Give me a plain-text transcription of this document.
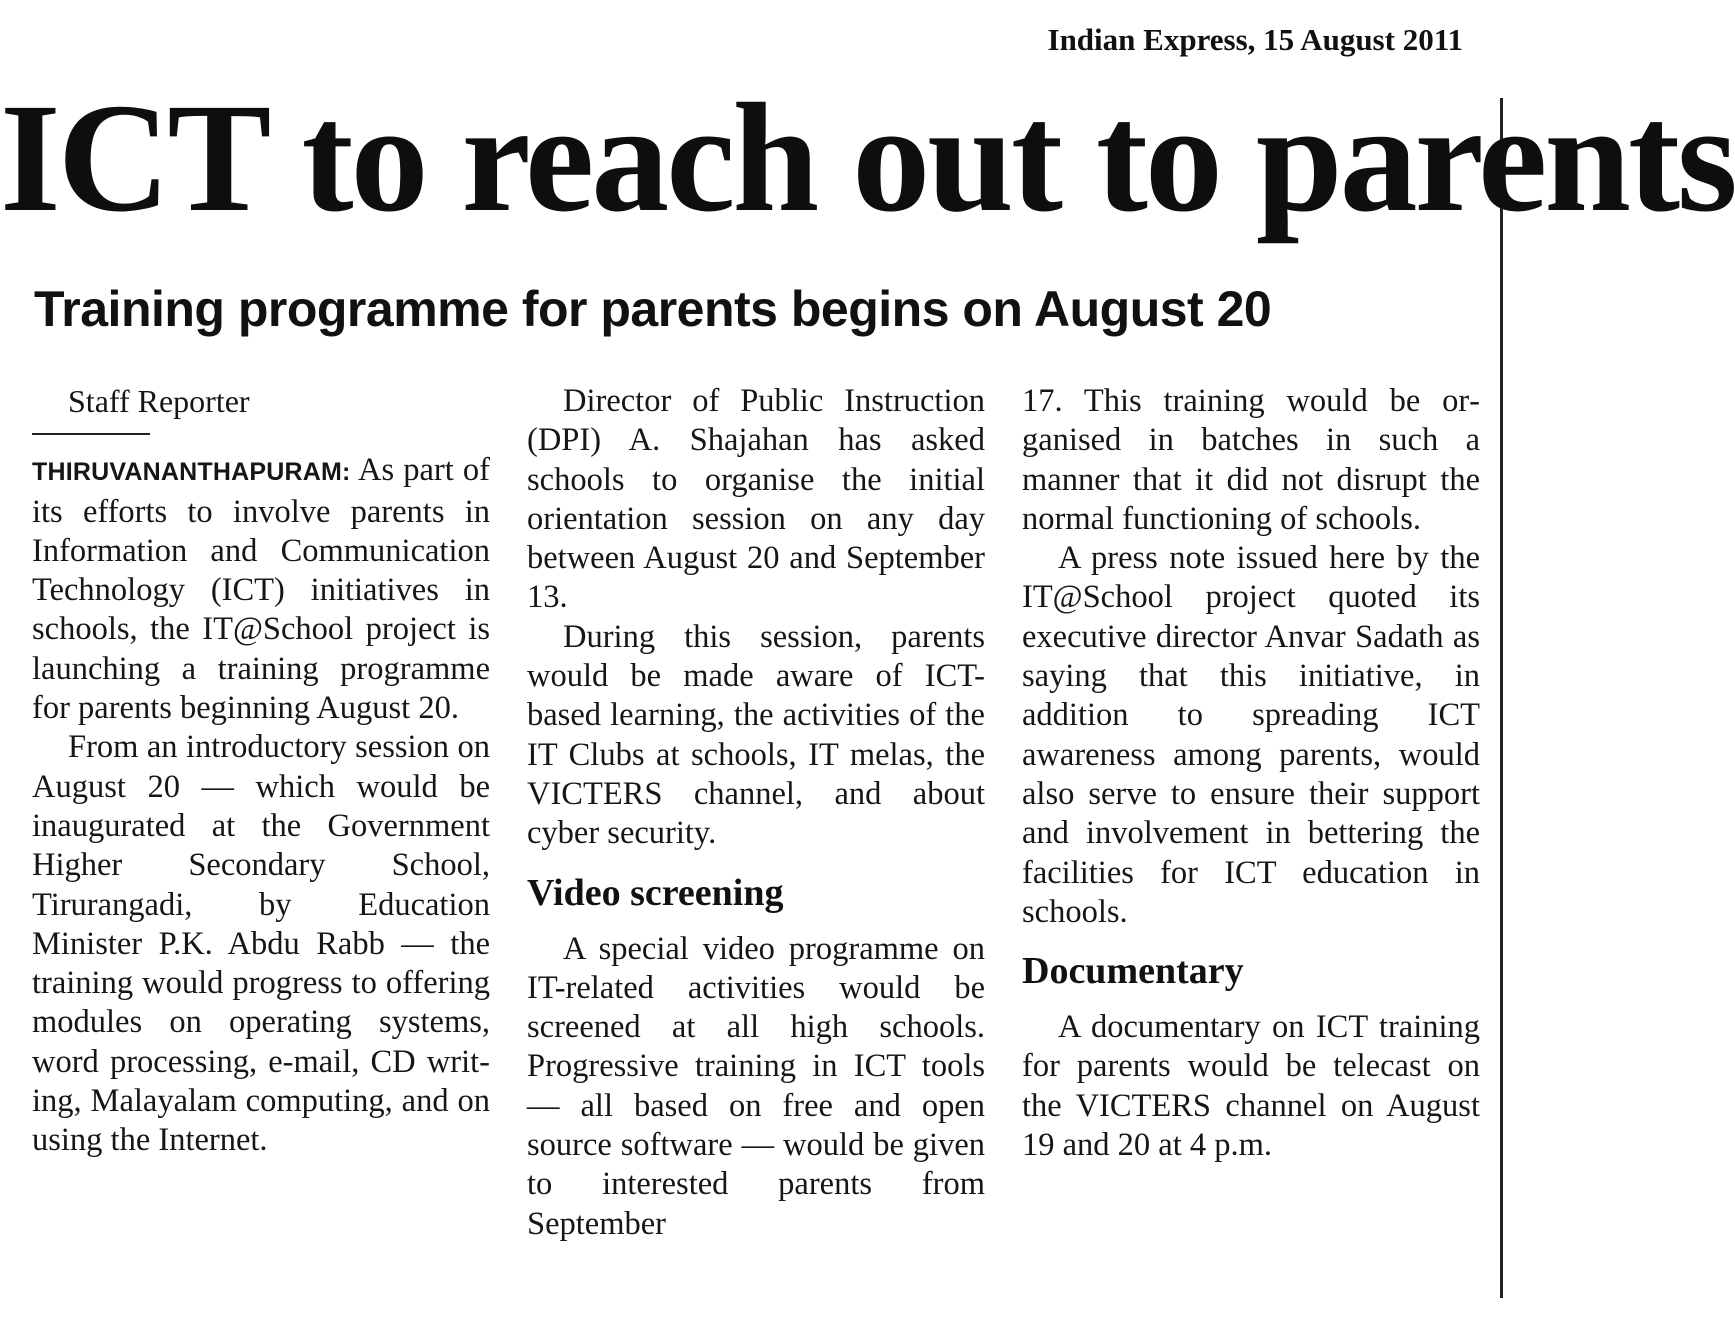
Indian Express, 15 August 2011
ICT to reach out to parents
Training programme for parents begins on August 20

Staff Reporter

THIRUVANANTHAPURAM: As part of its efforts to involve parents in Information and Communication Technology (ICT) initiatives in schools, the IT@School project is launching a training programme for parents beginning August 20.

From an introductory session on August 20 — which would be inaugurated at the Government Higher Secondary School, Tirurangadi, by Education Minister P.K. Abdu Rabb — the training would progress to offering modules on operating systems, word processing, e-mail, CD writing, Malayalam computing, and on using the Internet.

Director of Public Instruction (DPI) A. Shajahan has asked schools to organise the initial orientation session on any day between August 20 and September 13.

During this session, parents would be made aware of ICT-based learning, the activities of the IT Clubs at schools, IT melas, the VICTERS channel, and about cyber security.

Video screening

A special video programme on IT-related activities would be screened at all high schools. Progressive training in ICT tools — all based on free and open source software — would be given to interested parents from September

17. This training would be organised in batches in such a manner that it did not disrupt the normal functioning of schools.

A press note issued here by the IT@School project quoted its executive director Anvar Sadath as saying that this initiative, in addition to spreading ICT awareness among parents, would also serve to ensure their support and involvement in bettering the facilities for ICT education in schools.

Documentary

A documentary on ICT training for parents would be telecast on the VICTERS channel on August 19 and 20 at 4 p.m.
